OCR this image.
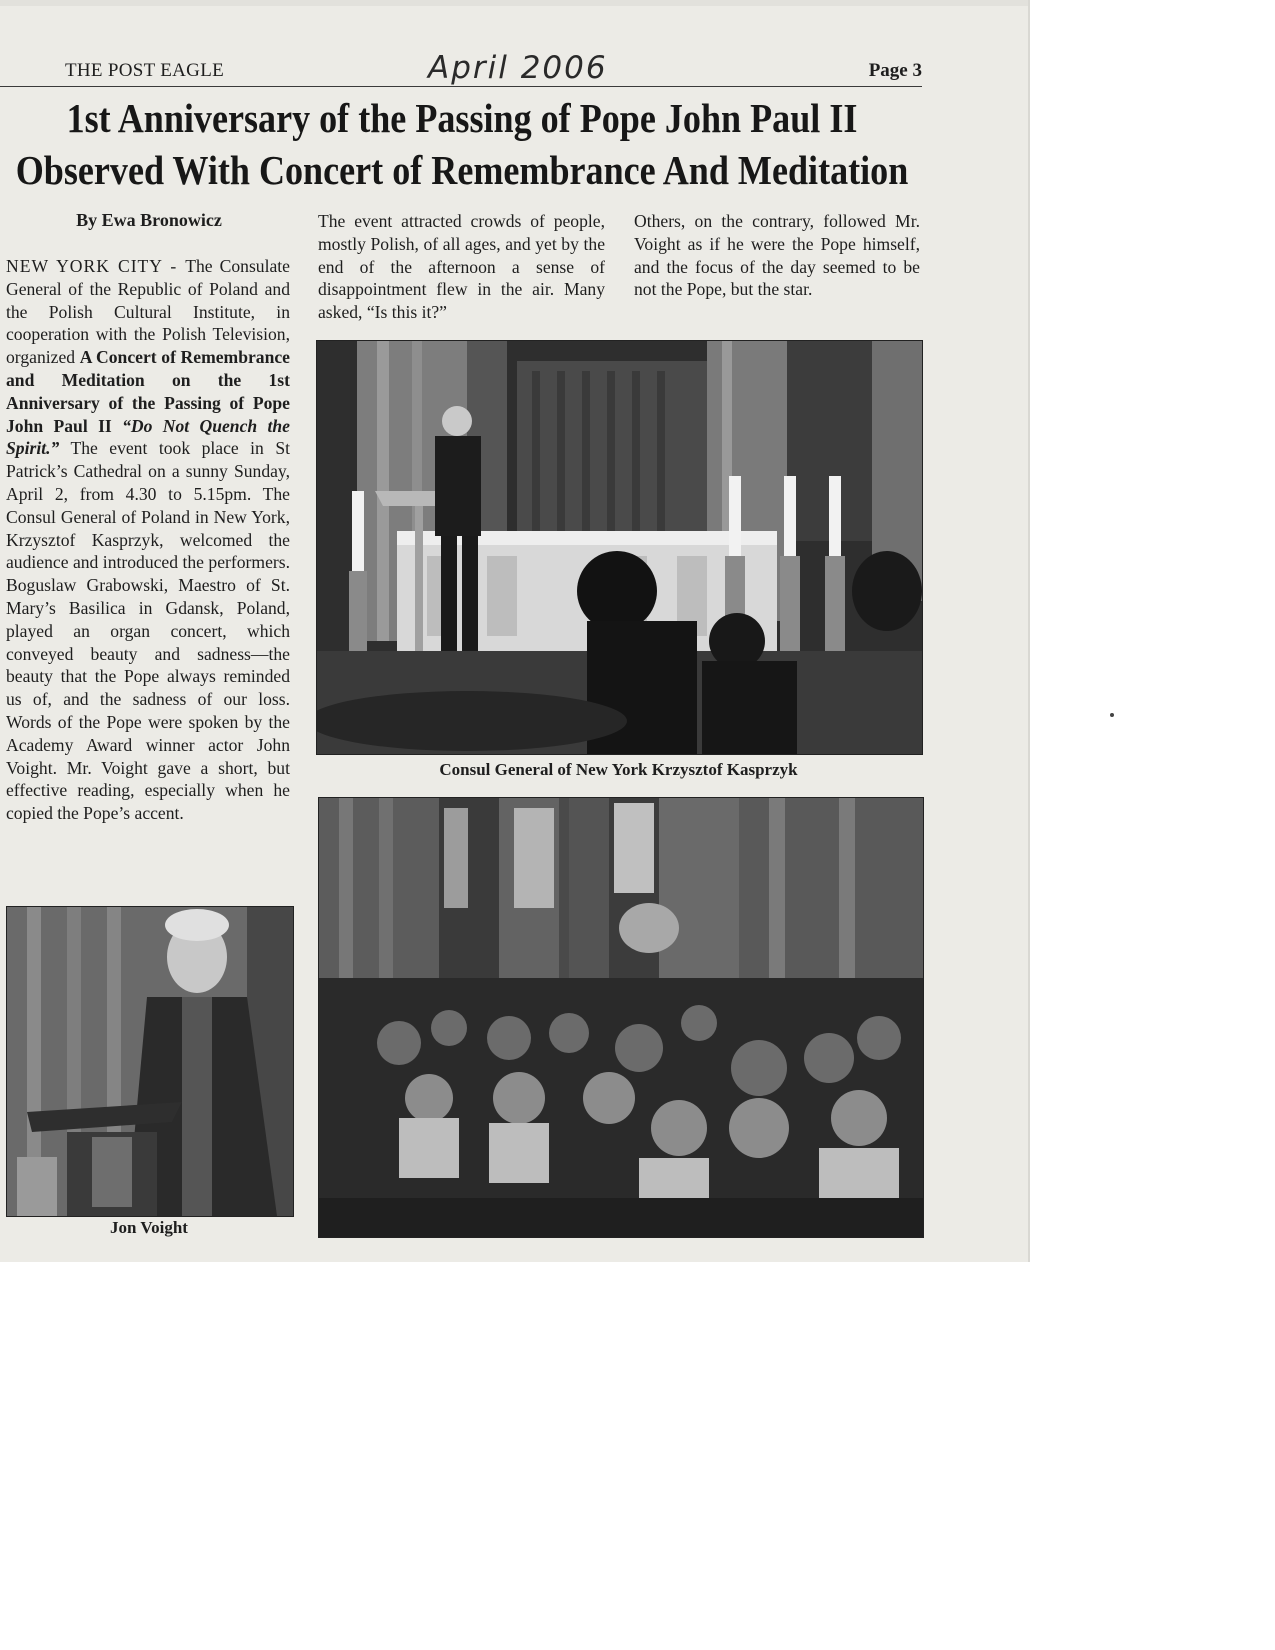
THE POST EAGLE	April 2006	Page 3
1st Anniversary of the Passing of Pope John Paul II
Observed With Concert of Remembrance And Meditation
By Ewa Bronowicz
NEW YORK CITY - The Consulate General of the Republic of Poland and the Polish Cultural Institute, in cooperation with the Polish Television, organized A Concert of Remembrance and Meditation on the 1st Anniversary of the Passing of Pope John Paul II “Do Not Quench the Spirit.” The event took place in St Patrick’s Cathedral on a sunny Sunday, April 2, from 4.30 to 5.15pm. The Consul General of Poland in New York, Krzysztof Kasprzyk, welcomed the audience and introduced the performers. Boguslaw Grabowski, Maestro of St. Mary’s Basilica in Gdansk, Poland, played an organ concert, which conveyed beauty and sadness—the beauty that the Pope always reminded us of, and the sadness of our loss. Words of the Pope were spoken by the Academy Award winner actor John Voight. Mr. Voight gave a short, but effective reading, especially when he copied the Pope’s accent.
The event attracted crowds of people, mostly Polish, of all ages, and yet by the end of the afternoon a sense of disappointment flew in the air. Many asked, “Is this it?”
Others, on the contrary, followed Mr. Voight as if he were the Pope himself, and the focus of the day seemed to be not the Pope, but the star.
Consul General of New York Krzysztof Kasprzyk
Jon Voight
